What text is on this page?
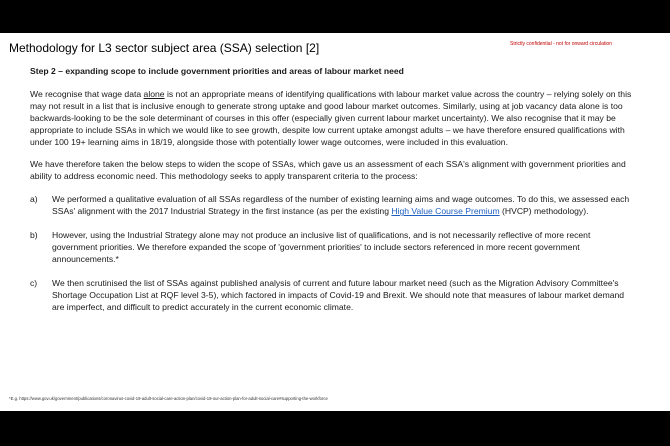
Methodology for L3 sector subject area (SSA) selection [2]	Strictly confidential - not for onward circulation

Step 2 – expanding scope to include government priorities and areas of labour market need

We recognise that wage data alone is not an appropriate means of identifying qualifications with labour market value across the country – relying solely on this may not result in a list that is inclusive enough to generate strong uptake and good labour market outcomes. Similarly, using at job vacancy data alone is too backwards-looking to be the sole determinant of courses in this offer (especially given current labour market uncertainty). We also recognise that it may be appropriate to include SSAs in which we would like to see growth, despite low current uptake amongst adults – we have therefore ensured qualifications with under 100 19+ learning aims in 18/19, alongside those with potentially lower wage outcomes, were included in this evaluation.

We have therefore taken the below steps to widen the scope of SSAs, which gave us an assessment of each SSA's alignment with government priorities and ability to address economic need. This methodology seeks to apply transparent criteria to the process:

a) We performed a qualitative evaluation of all SSAs regardless of the number of existing learning aims and wage outcomes. To do this, we assessed each SSAs' alignment with the 2017 Industrial Strategy in the first instance (as per the existing High Value Course Premium (HVCP) methodology).
b) However, using the Industrial Strategy alone may not produce an inclusive list of qualifications, and is not necessarily reflective of more recent government priorities. We therefore expanded the scope of 'government priorities' to include sectors referenced in more recent government announcements.*
c) We then scrutinised the list of SSAs against published analysis of current and future labour market need (such as the Migration Advisory Committee's Shortage Occupation List at RQF level 3-5), which factored in impacts of Covid-19 and Brexit. We should note that measures of labour market demand are imperfect, and difficult to predict accurately in the current economic climate.
*E.g. https://www.gov.uk/government/publications/coronavirus-covid-19-adult-social-care-action-plan/covid-19-our-action-plan-for-adult-social-care#supporting-the-workforce
